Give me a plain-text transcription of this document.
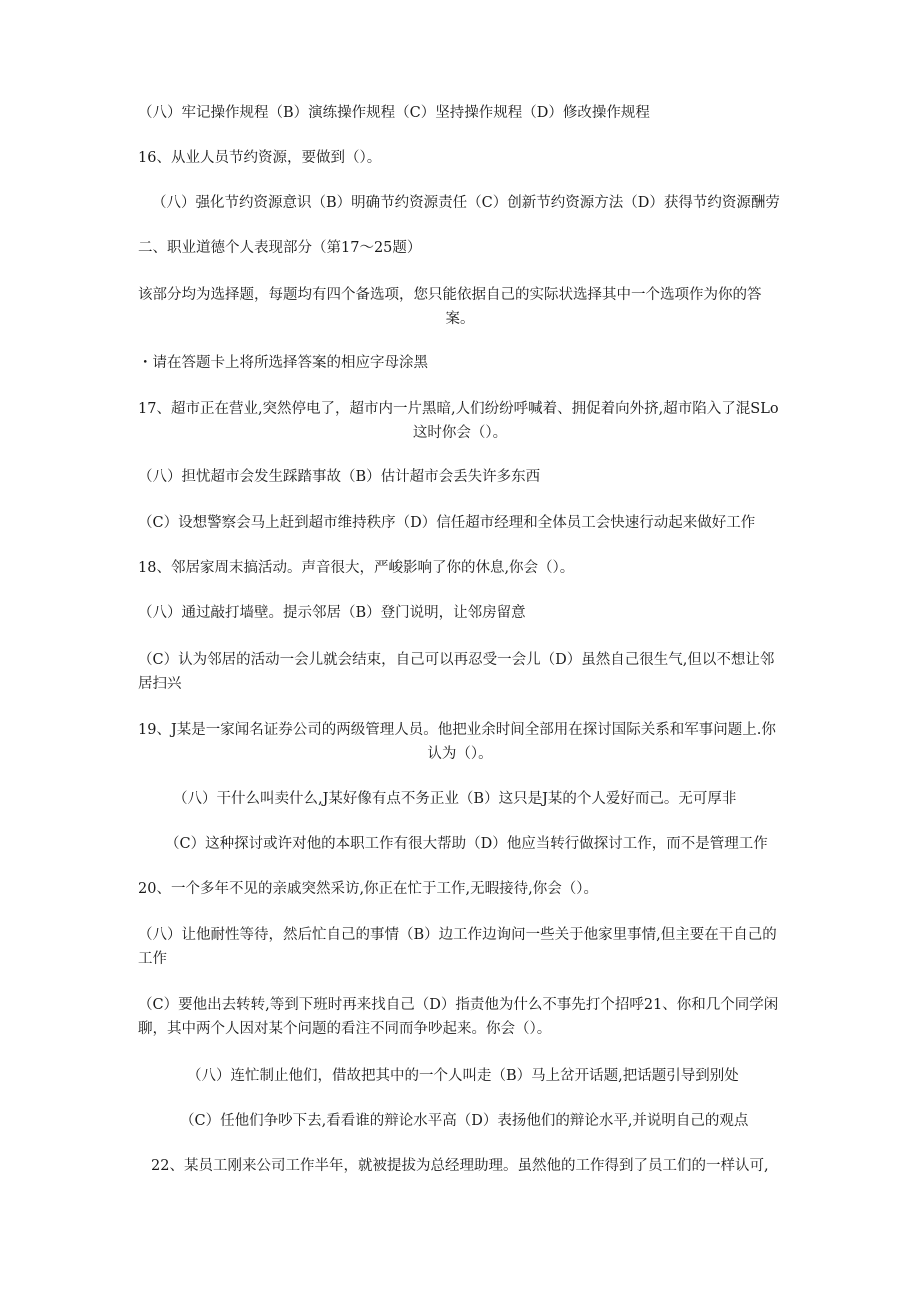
（八）牢记操作规程（B）演练操作规程（C）坚持操作规程（D）修改操作规程
16、从业人员节约资源，要做到（）。
（八）强化节约资源意识（B）明确节约资源责任（C）创新节约资源方法（D）获得节约资源酬劳
二、职业道德个人表现部分（第17～25题）
该部分均为选择题，每题均有四个备选项，您只能依据自己的实际状选择其中一个选项作为你的答
案。
・请在答题卡上将所选择答案的相应字母涂黑
17、超市正在营业,突然停电了，超市内一片黑暗,人们纷纷呼喊着、拥促着向外挤,超市陷入了混SLo
这时你会（）。
（八）担忧超市会发生踩踏事故（B）估计超市会丢失许多东西
（C）设想警察会马上赶到超市维持秩序（D）信任超市经理和全体员工会快速行动起来做好工作
18、邻居家周末搞活动。声音很大，严峻影响了你的休息,你会（）。
（八）通过敲打墙壁。提示邻居（B）登门说明，让邻房留意
（C）认为邻居的活动一会儿就会结束，自己可以再忍受一会儿（D）虽然自己很生气,但以不想让邻
居扫兴
19、J某是一家闻名证券公司的两级管理人员。他把业余时间全部用在探讨国际关系和军事问题上.你
认为（）。
（八）干什么叫卖什么,J某好像有点不务正业（B）这只是J某的个人爱好而己。无可厚非
（C）这种探讨或许对他的本职工作有很大帮助（D）他应当转行做探讨工作，而不是管理工作
20、一个多年不见的亲戚突然采访,你正在忙于工作,无暇接待,你会（）。
（八）让他耐性等待，然后忙自己的事情（B）边工作边询问一些关于他家里事情,但主要在干自己的
工作
（C）要他出去转转,等到下班时再来找自己（D）指责他为什么不事先打个招呼21、你和几个同学闲
聊，其中两个人因对某个问题的看注不同而争吵起来。你会（）。
（八）连忙制止他们，借故把其中的一个人叫走（B）马上岔开话题,把话题引导到别处
（C）任他们争吵下去,看看谁的辩论水平高（D）表扬他们的辩论水平,并说明自己的观点
22、某员工刚来公司工作半年，就被提拔为总经理助理。虽然他的工作得到了员工们的一样认可,
